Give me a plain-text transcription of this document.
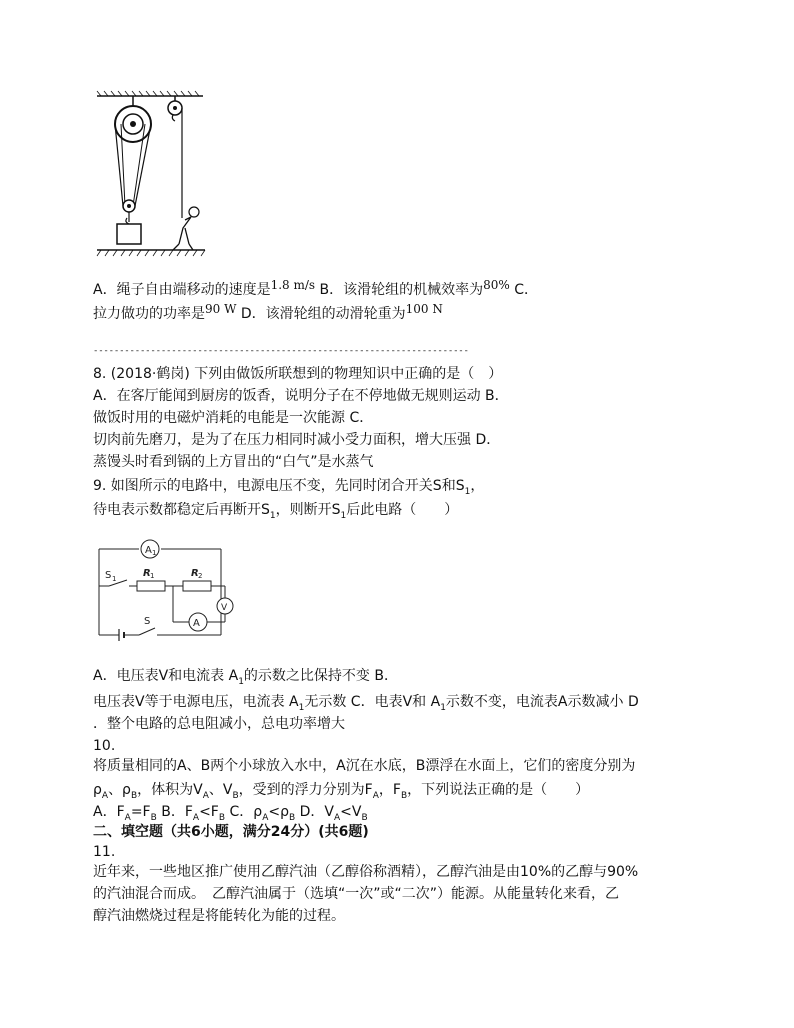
A．绳子自由端移动的速度是1.8 m/s B．该滑轮组的机械效率为80% C．
拉力做功的功率是90 W D．该滑轮组的动滑轮重为100 N
------------------------------------------------------------------------
8. (2018·鹤岗) 下列由做饭所联想到的物理知识中正确的是（　）
A．在客厅能闻到厨房的饭香，说明分子在不停地做无规则运动 B．
做饭时用的电磁炉消耗的电能是一次能源 C．
切肉前先磨刀，是为了在压力相同时减小受力面积，增大压强 D．
蒸馒头时看到锅的上方冒出的“白气”是水蒸气
9. 如图所示的电路中，电源电压不变，先同时闭合开关S和$S_1$，
待电表示数都稳定后再断开$S_1$，则断开$S_1$后此电路（　　）
A 1
S 1	R 1	R 2
V
A
S
A．电压表V和电流表 $A_1$的示数之比保持不变 B．
电压表V等于电源电压，电流表 $A_1$无示数 C．电表V和 $A_1$示数不变，电流表A示数减小 D
．整个电路的总电阻减小，总电功率增大
10.
将质量相同的A、B两个小球放入水中，A沉在水底，B漂浮在水面上，它们的密度分别为
$\rho_A$、$\rho_B$，体积为$V_A$、$V_B$，受到的浮力分别为$F_A$，$F_B$，下列说法正确的是（　　）
A．$F_A=F_B$ B．$F_A<F_B$ C．$\rho_A<\rho_B$ D．$V_A<V_B$
二、填空题（共6小题，满分24分）(共6题)
11.
近年来，一些地区推广使用乙醇汽油（乙醇俗称酒精），乙醇汽油是由10%的乙醇与90%
的汽油混合而成。　乙醇汽油属于（选填“一次”或“二次”）能源。从能量转化来看，乙
醇汽油燃烧过程是将能转化为能的过程。
